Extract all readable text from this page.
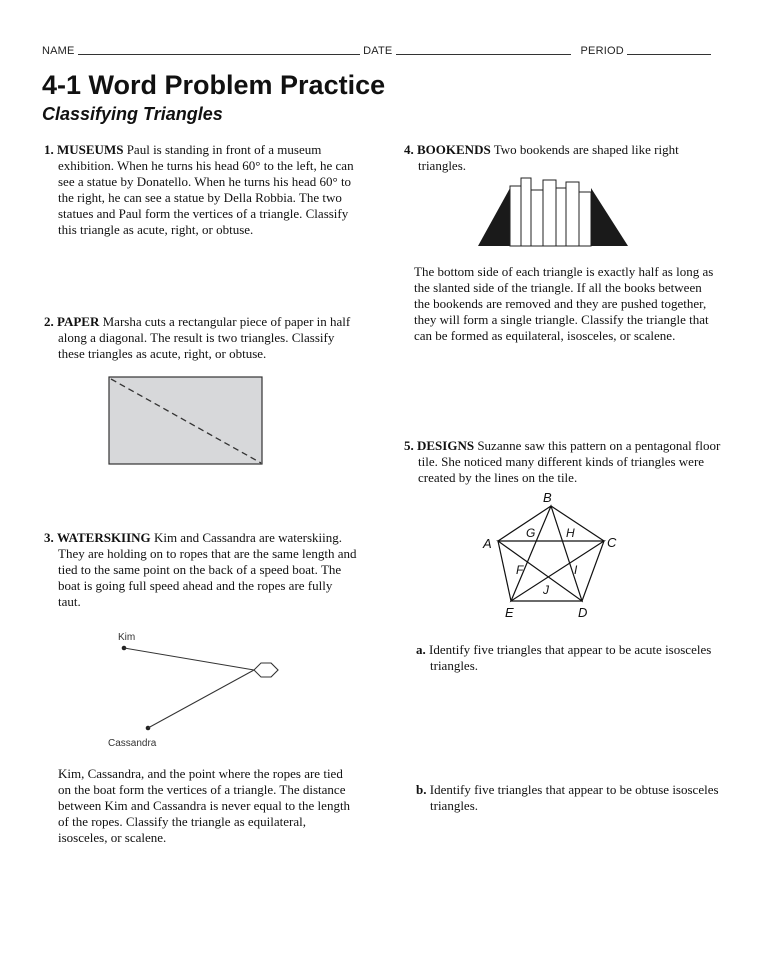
NAME	DATE	PERIOD
4-1 Word Problem Practice
Classifying Triangles
1. MUSEUMS Paul is standing in front of a museum exhibition. When he turns his head 60° to the left, he can see a statue by Donatello. When he turns his head 60° to the right, he can see a statue by Della Robbia. The two statues and Paul form the vertices of a triangle. Classify this triangle as acute, right, or obtuse.
2. PAPER Marsha cuts a rectangular piece of paper in half along a diagonal. The result is two triangles. Classify these triangles as acute, right, or obtuse.
3. WATERSKIING Kim and Cassandra are waterskiing. They are holding on to ropes that are the same length and tied to the same point on the back of a speed boat. The boat is going full speed ahead and the ropes are fully taut.
Kim
Cassandra
Kim, Cassandra, and the point where the ropes are tied on the boat form the vertices of a triangle. The distance between Kim and Cassandra is never equal to the length of the ropes. Classify the triangle as equilateral, isosceles, or scalene.
4. BOOKENDS Two bookends are shaped like right triangles.
The bottom side of each triangle is exactly half as long as the slanted side of the triangle. If all the books between the bookends are removed and they are pushed together, they will form a single triangle. Classify the triangle that can be formed as equilateral, isosceles, or scalene.
5. DESIGNS Suzanne saw this pattern on a pentagonal floor tile. She noticed many different kinds of triangles were created by the lines on the tile.
B
C
D
E
A
G	H
F	I
J
a. Identify five triangles that appear to be acute isosceles triangles.
b. Identify five triangles that appear to be obtuse isosceles triangles.
